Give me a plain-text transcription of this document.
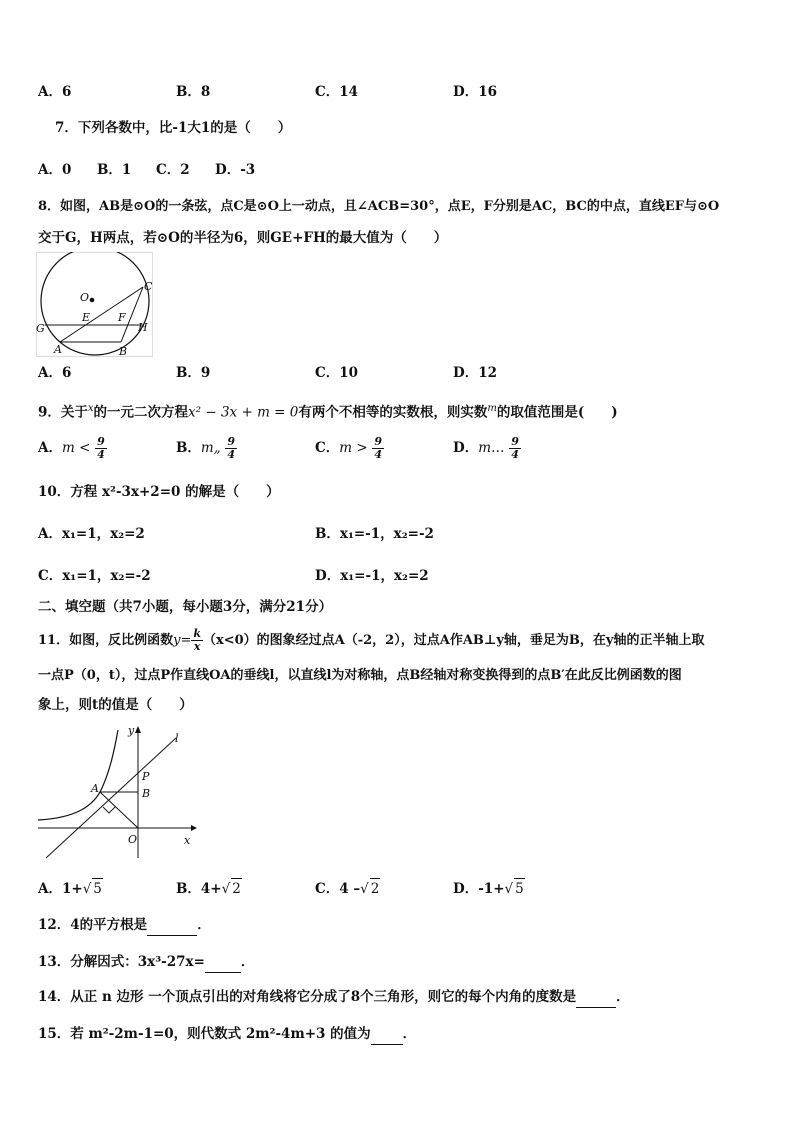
A．6	B．8	C．14	D．16
7．下列各数中，比-1大1的是（　　）
A．0 B．1 C．2 D．-3
8．如图，AB是⊙O的一条弦，点C是⊙O上一动点，且∠ACB=30°，点E，F分别是AC，BC的中点，直线EF与⊙O
交于G，H两点，若⊙O的半径为6，则GE+FH的最大值为（　　）
O
C
E	F
G	H
A	B
A．6	B．9	C．10	D．12
9．关于$^x$的一元二次方程x² − 3x + m = 0有两个不相等的实数根，则实数$^m$的取值范围是(　　)
A．$m < \frac{9}{4}$	B．m„ $\frac{9}{4}$	C．$m > \frac{9}{4}$	D．m… $\frac{9}{4}$
10．方程 x²-3x+2=0 的解是（　　）
A．x₁=1，x₂=2	B．x₁=-1，x₂=-2
C．x₁=1，x₂=-2	D．x₁=-1，x₂=2
二、填空题（共7小题，每小题3分，满分21分）
11．如图，反比例函数$y= \frac{k}{x} (x<0)$的图象经过点A（-2，2），过点A作AB⊥y轴，垂足为B，在y轴的正半轴上取
一点P（0，t），过点P作直线OA的垂线l，以直线l为对称轴，点B经轴对称变换得到的点B′在此反比例函数的图
象上，则t的值是（　　）
y
l
P
A	B
O	x
A．1+√ 5	B．4+√ 2	C．4 –√ 2	D．-1+√ 5
12．4的平方根是	．
13．分解因式：3x³-27x=	．
14．从正 n 边形 一个顶点引出的对角线将它分成了8个三角形，则它的每个内角的度数是	．
15．若 m²-2m-1=0，则代数式 2m²-4m+3 的值为 ．
